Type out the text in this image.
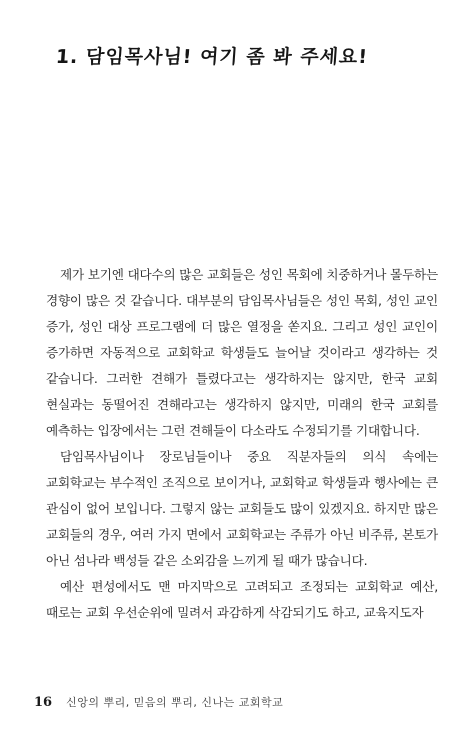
1. 담임목사님! 여기 좀 봐 주세요!

제가 보기엔 대다수의 많은 교회들은 성인 목회에 치중하거나 몰두하는 경향이 많은 것 같습니다. 대부분의 담임목사님들은 성인 목회, 성인 교인 증가, 성인 대상 프로그램에 더 많은 열정을 쏟지요. 그리고 성인 교인이 증가하면 자동적으로 교회학교 학생들도 늘어날 것이라고 생각하는 것 같습니다. 그러한 견해가 틀렸다고는 생각하지는 않지만, 한국 교회 현실과는 동떨어진 견해라고는 생각하지 않지만, 미래의 한국 교회를 예측하는 입장에서는 그런 견해들이 다소라도 수정되기를 기대합니다.

담임목사님이나 장로님들이나 중요 직분자들의 의식 속에는 교회학교는 부수적인 조직으로 보이거나, 교회학교 학생들과 행사에는 큰 관심이 없어 보입니다. 그렇지 않는 교회들도 많이 있겠지요. 하지만 많은 교회들의 경우, 여러 가지 면에서 교회학교는 주류가 아닌 비주류, 본토가 아닌 섬나라 백성들 같은 소외감을 느끼게 될 때가 많습니다.

예산 편성에서도 맨 마지막으로 고려되고 조정되는 교회학교 예산, 때로는 교회 우선순위에 밀려서 과감하게 삭감되기도 하고, 교육지도자

16 신앙의 뿌리, 믿음의 뿌리, 신나는 교회학교
